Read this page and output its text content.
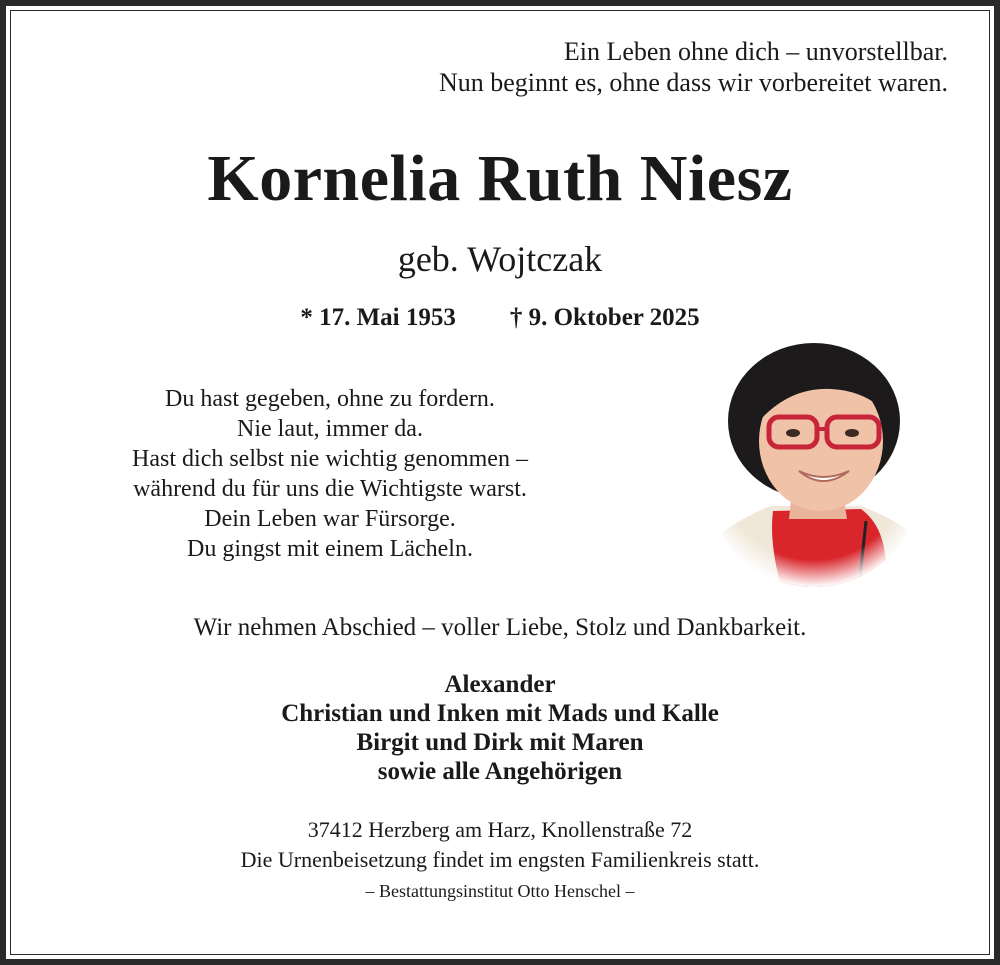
Ein Leben ohne dich – unvorstellbar.
Nun beginnt es, ohne dass wir vorbereitet waren.
Kornelia Ruth Niesz
geb. Wojtczak
* 17. Mai 1953 † 9. Oktober 2025
Du hast gegeben, ohne zu fordern.
Nie laut, immer da.
Hast dich selbst nie wichtig genommen –
während du für uns die Wichtigste warst.
Dein Leben war Fürsorge.
Du gingst mit einem Lächeln.
Wir nehmen Abschied – voller Liebe, Stolz und Dankbarkeit.
Alexander
Christian und Inken mit Mads und Kalle
Birgit und Dirk mit Maren
sowie alle Angehörigen
37412 Herzberg am Harz, Knollenstraße 72
Die Urnenbeisetzung findet im engsten Familienkreis statt.
– Bestattungsinstitut Otto Henschel –
